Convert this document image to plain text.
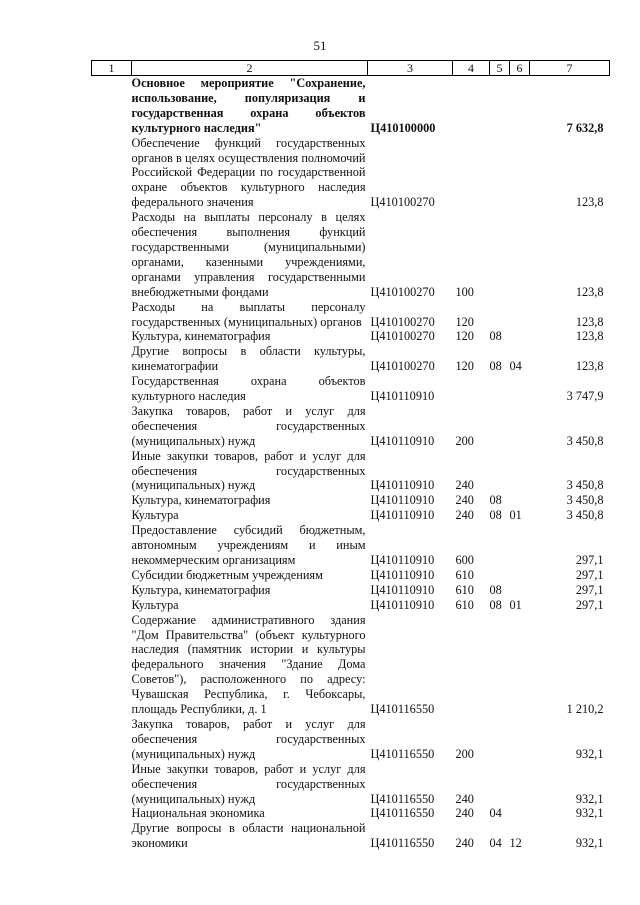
51
1	2	3	4	5	6	7
	Основное мероприятие "Сохранение, использование, популяризация и государственная охрана объектов культурного наследия"	Ц410100000				7 632,8
	Обеспечение функций государственных органов в целях осуществления полномочий Российской Федерации по государственной охране объектов культурного наследия федерального значения	Ц410100270				123,8
	Расходы на выплаты персоналу в целях обеспечения выполнения функций государственными (муниципальными) органами, казенными учреждениями, органами управления государственными внебюджетными фондами	Ц410100270	100			123,8
	Расходы на выплаты персоналу государственных (муниципальных) органов	Ц410100270	120			123,8
	Культура, кинематография	Ц410100270	120	08		123,8
	Другие вопросы в области культуры, кинематографии	Ц410100270	120	08	04	123,8
	Государственная охрана объектов культурного наследия	Ц410110910				3 747,9
	Закупка товаров, работ и услуг для обеспечения государственных (муниципальных) нужд	Ц410110910	200			3 450,8
	Иные закупки товаров, работ и услуг для обеспечения государственных (муниципальных) нужд	Ц410110910	240			3 450,8
	Культура, кинематография	Ц410110910	240	08		3 450,8
	Культура	Ц410110910	240	08	01	3 450,8
	Предоставление субсидий бюджетным, автономным учреждениям и иным некоммерческим организациям	Ц410110910	600			297,1
	Субсидии бюджетным учреждениям	Ц410110910	610			297,1
	Культура, кинематография	Ц410110910	610	08		297,1
	Культура	Ц410110910	610	08	01	297,1
	Содержание административного здания "Дом Правительства" (объект культурного наследия (памятник истории и культуры федерального значения "Здание Дома Советов"), расположенного по адресу: Чувашская Республика, г. Чебоксары, площадь Республики, д. 1	Ц410116550				1 210,2
	Закупка товаров, работ и услуг для обеспечения государственных (муниципальных) нужд	Ц410116550	200			932,1
	Иные закупки товаров, работ и услуг для обеспечения государственных (муниципальных) нужд	Ц410116550	240			932,1
	Национальная экономика	Ц410116550	240	04		932,1
	Другие вопросы в области национальной экономики	Ц410116550	240	04	12	932,1
